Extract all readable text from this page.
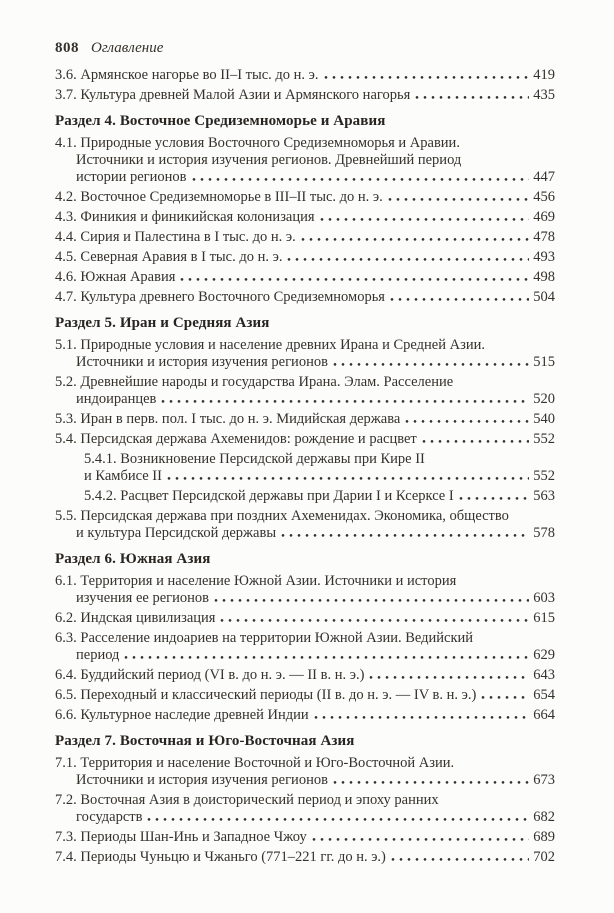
808 Оглавление
3.6. Армянское нагорье во II–I тыс. до н. э.	419
3.7. Культура древней Малой Азии и Армянского нагорья	435
Раздел 4. Восточное Средиземноморье и Аравия
4.1. Природные условия Восточного Средиземноморья и Аравии.
Источники и история изучения регионов. Древнейший период
истории регионов	447
4.2. Восточное Средиземноморье в III–II тыс. до н. э.	456
4.3. Финикия и финикийская колонизация	469
4.4. Сирия и Палестина в I тыс. до н. э.	478
4.5. Северная Аравия в I тыс. до н. э.	493
4.6. Южная Аравия	498
4.7. Культура древнего Восточного Средиземноморья	504
Раздел 5. Иран и Средняя Азия
5.1. Природные условия и население древних Ирана и Средней Азии.
Источники и история изучения регионов	515
5.2. Древнейшие народы и государства Ирана. Элам. Расселение
индоиранцев	520
5.3. Иран в перв. пол. I тыс. до н. э. Мидийская держава	540
5.4. Персидская держава Ахеменидов: рождение и расцвет	552
5.4.1. Возникновение Персидской державы при Кире II
и Камбисе II	552
5.4.2. Расцвет Персидской державы при Дарии I и Ксерксе I	563
5.5. Персидская держава при поздних Ахеменидах. Экономика, общество
и культура Персидской державы	578
Раздел 6. Южная Азия
6.1. Территория и население Южной Азии. Источники и история
изучения ее регионов	603
6.2. Индская цивилизация	615
6.3. Расселение индоариев на территории Южной Азии. Ведийский
период	629
6.4. Буддийский период (VI в. до н. э. — II в. н. э.)	643
6.5. Переходный и классический периоды (II в. до н. э. — IV в. н. э.)	654
6.6. Культурное наследие древней Индии	664
Раздел 7. Восточная и Юго-Восточная Азия
7.1. Территория и население Восточной и Юго-Восточной Азии.
Источники и история изучения регионов	673
7.2. Восточная Азия в доисторический период и эпоху ранних
государств	682
7.3. Периоды Шан-Инь и Западное Чжоу	689
7.4. Периоды Чуньцю и Чжаньго (771–221 гг. до н. э.)	702
